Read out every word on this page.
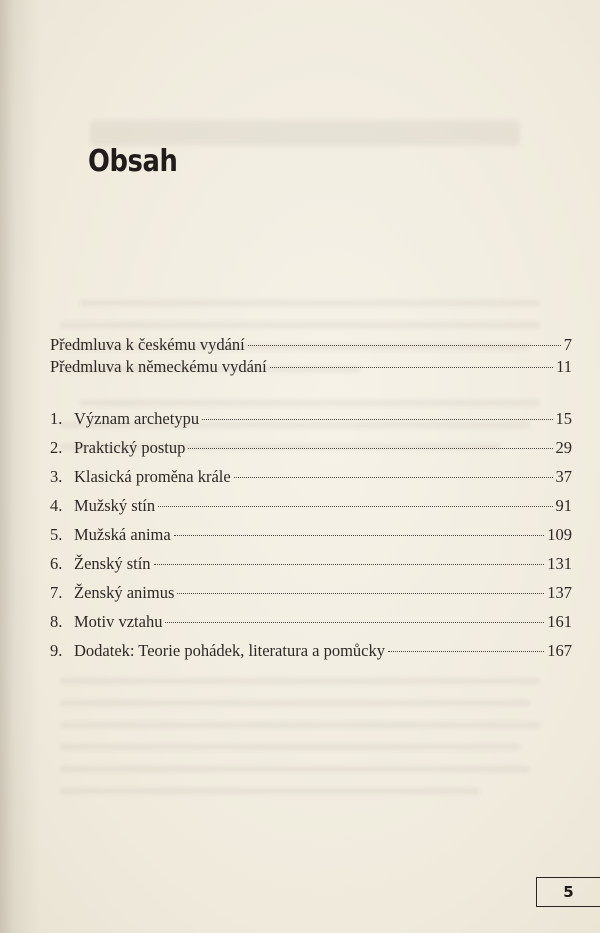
Obsah
Předmluva k českému vydání	7
Předmluva k německému vydání	11
1. Význam archetypu	15
2. Praktický postup	29
3. Klasická proměna krále	37
4. Mužský stín	91
5. Mužská anima	109
6. Ženský stín	131
7. Ženský animus	137
8. Motiv vztahu	161
9. Dodatek: Teorie pohádek, literatura a pomůcky	167
5
